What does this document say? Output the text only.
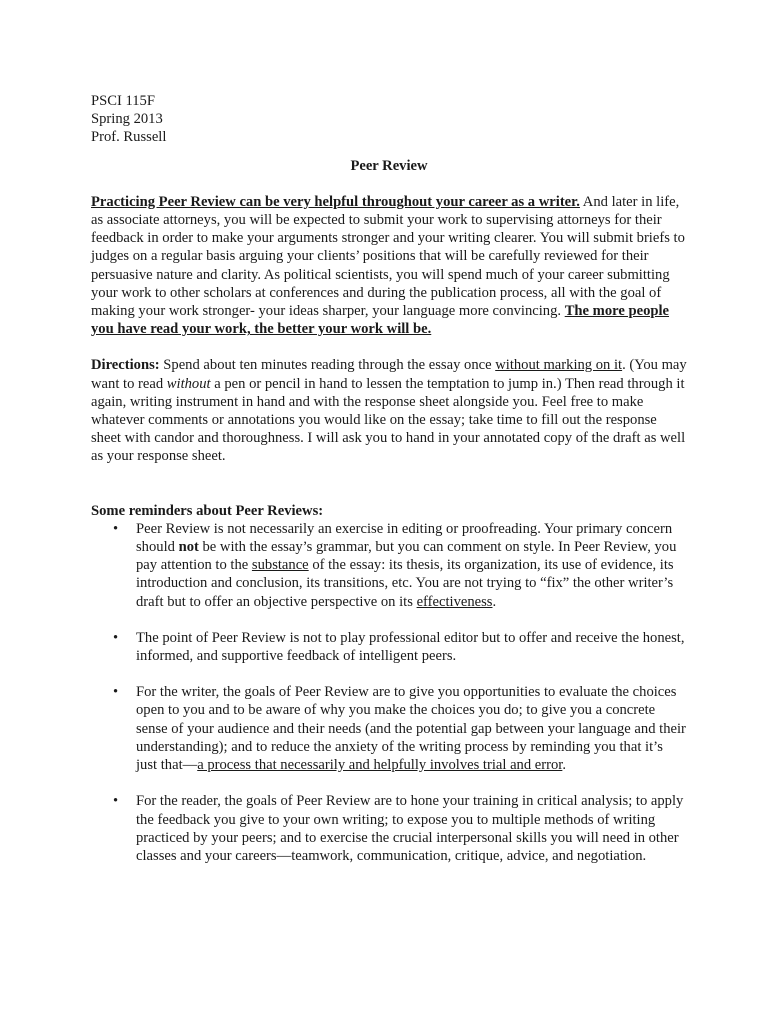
PSCI 115F
Spring 2013
Prof. Russell
Peer Review

Practicing Peer Review can be very helpful throughout your career as a writer. And later in life, as associate attorneys, you will be expected to submit your work to supervising attorneys for their feedback in order to make your arguments stronger and your writing clearer. You will submit briefs to judges on a regular basis arguing your clients’ positions that will be carefully reviewed for their persuasive nature and clarity. As political scientists, you will spend much of your career submitting your work to other scholars at conferences and during the publication process, all with the goal of making your work stronger- your ideas sharper, your language more convincing. The more people you have read your work, the better your work will be.

Directions: Spend about ten minutes reading through the essay once without marking on it. (You may want to read without a pen or pencil in hand to lessen the temptation to jump in.) Then read through it again, writing instrument in hand and with the response sheet alongside you. Feel free to make whatever comments or annotations you would like on the essay; take time to fill out the response sheet with candor and thoroughness. I will ask you to hand in your annotated copy of the draft as well as your response sheet.

Some reminders about Peer Reviews:
• Peer Review is not necessarily an exercise in editing or proofreading. Your primary concern should not be with the essay’s grammar, but you can comment on style. In Peer Review, you pay attention to the substance of the essay: its thesis, its organization, its use of evidence, its introduction and conclusion, its transitions, etc. You are not trying to “fix” the other writer’s draft but to offer an objective perspective on its effectiveness.
• The point of Peer Review is not to play professional editor but to offer and receive the honest, informed, and supportive feedback of intelligent peers.
• For the writer, the goals of Peer Review are to give you opportunities to evaluate the choices open to you and to be aware of why you make the choices you do; to give you a concrete sense of your audience and their needs (and the potential gap between your language and their understanding); and to reduce the anxiety of the writing process by reminding you that it’s just that—a process that necessarily and helpfully involves trial and error.
• For the reader, the goals of Peer Review are to hone your training in critical analysis; to apply the feedback you give to your own writing; to expose you to multiple methods of writing practiced by your peers; and to exercise the crucial interpersonal skills you will need in other classes and your careers—teamwork, communication, critique, advice, and negotiation.
